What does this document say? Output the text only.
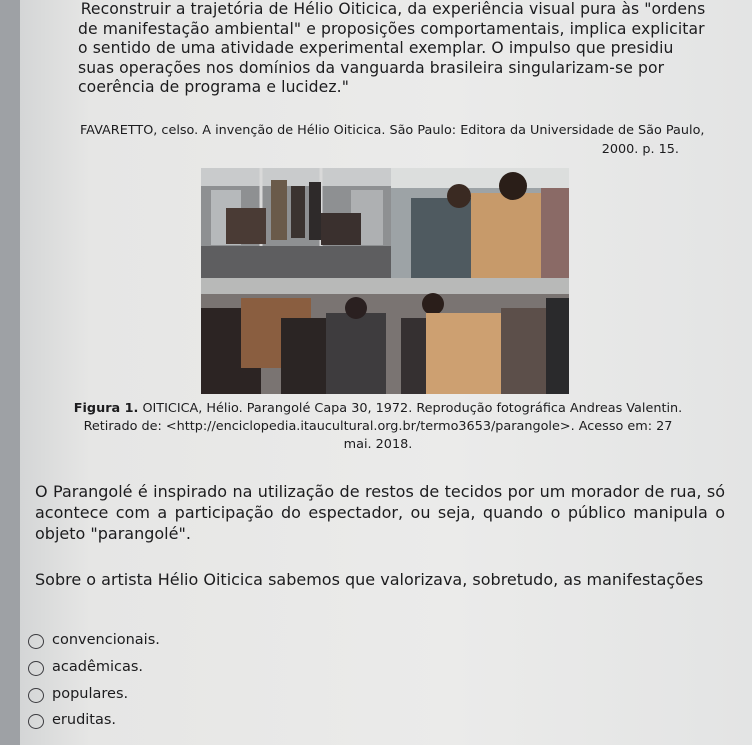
Reconstruir a trajetória de Hélio Oiticica, da experiência visual pura às "ordens
de manifestação ambiental" e proposições comportamentais, implica explicitar
o sentido de uma atividade experimental exemplar. O impulso que presidiu
suas operações nos domínios da vanguarda brasileira singularizam-se por
coerência de programa e lucidez."
FAVARETTO, celso. A invenção de Hélio Oiticica. São Paulo: Editora da Universidade de São Paulo,
2000. p. 15.
Figura 1. OITICICA, Hélio. Parangolé Capa 30, 1972. Reprodução fotográfica Andreas Valentin.
Retirado de: <http://enciclopedia.itaucultural.org.br/termo3653/parangole>. Acesso em: 27
mai. 2018.
O Parangolé é inspirado na utilização de restos de tecidos por um morador de rua, só acontece com a participação do espectador, ou seja, quando o público manipula o objeto "parangolé".
Sobre o artista Hélio Oiticica sabemos que valorizava, sobretudo, as manifestações
convencionais.
acadêmicas.
populares.
eruditas.
